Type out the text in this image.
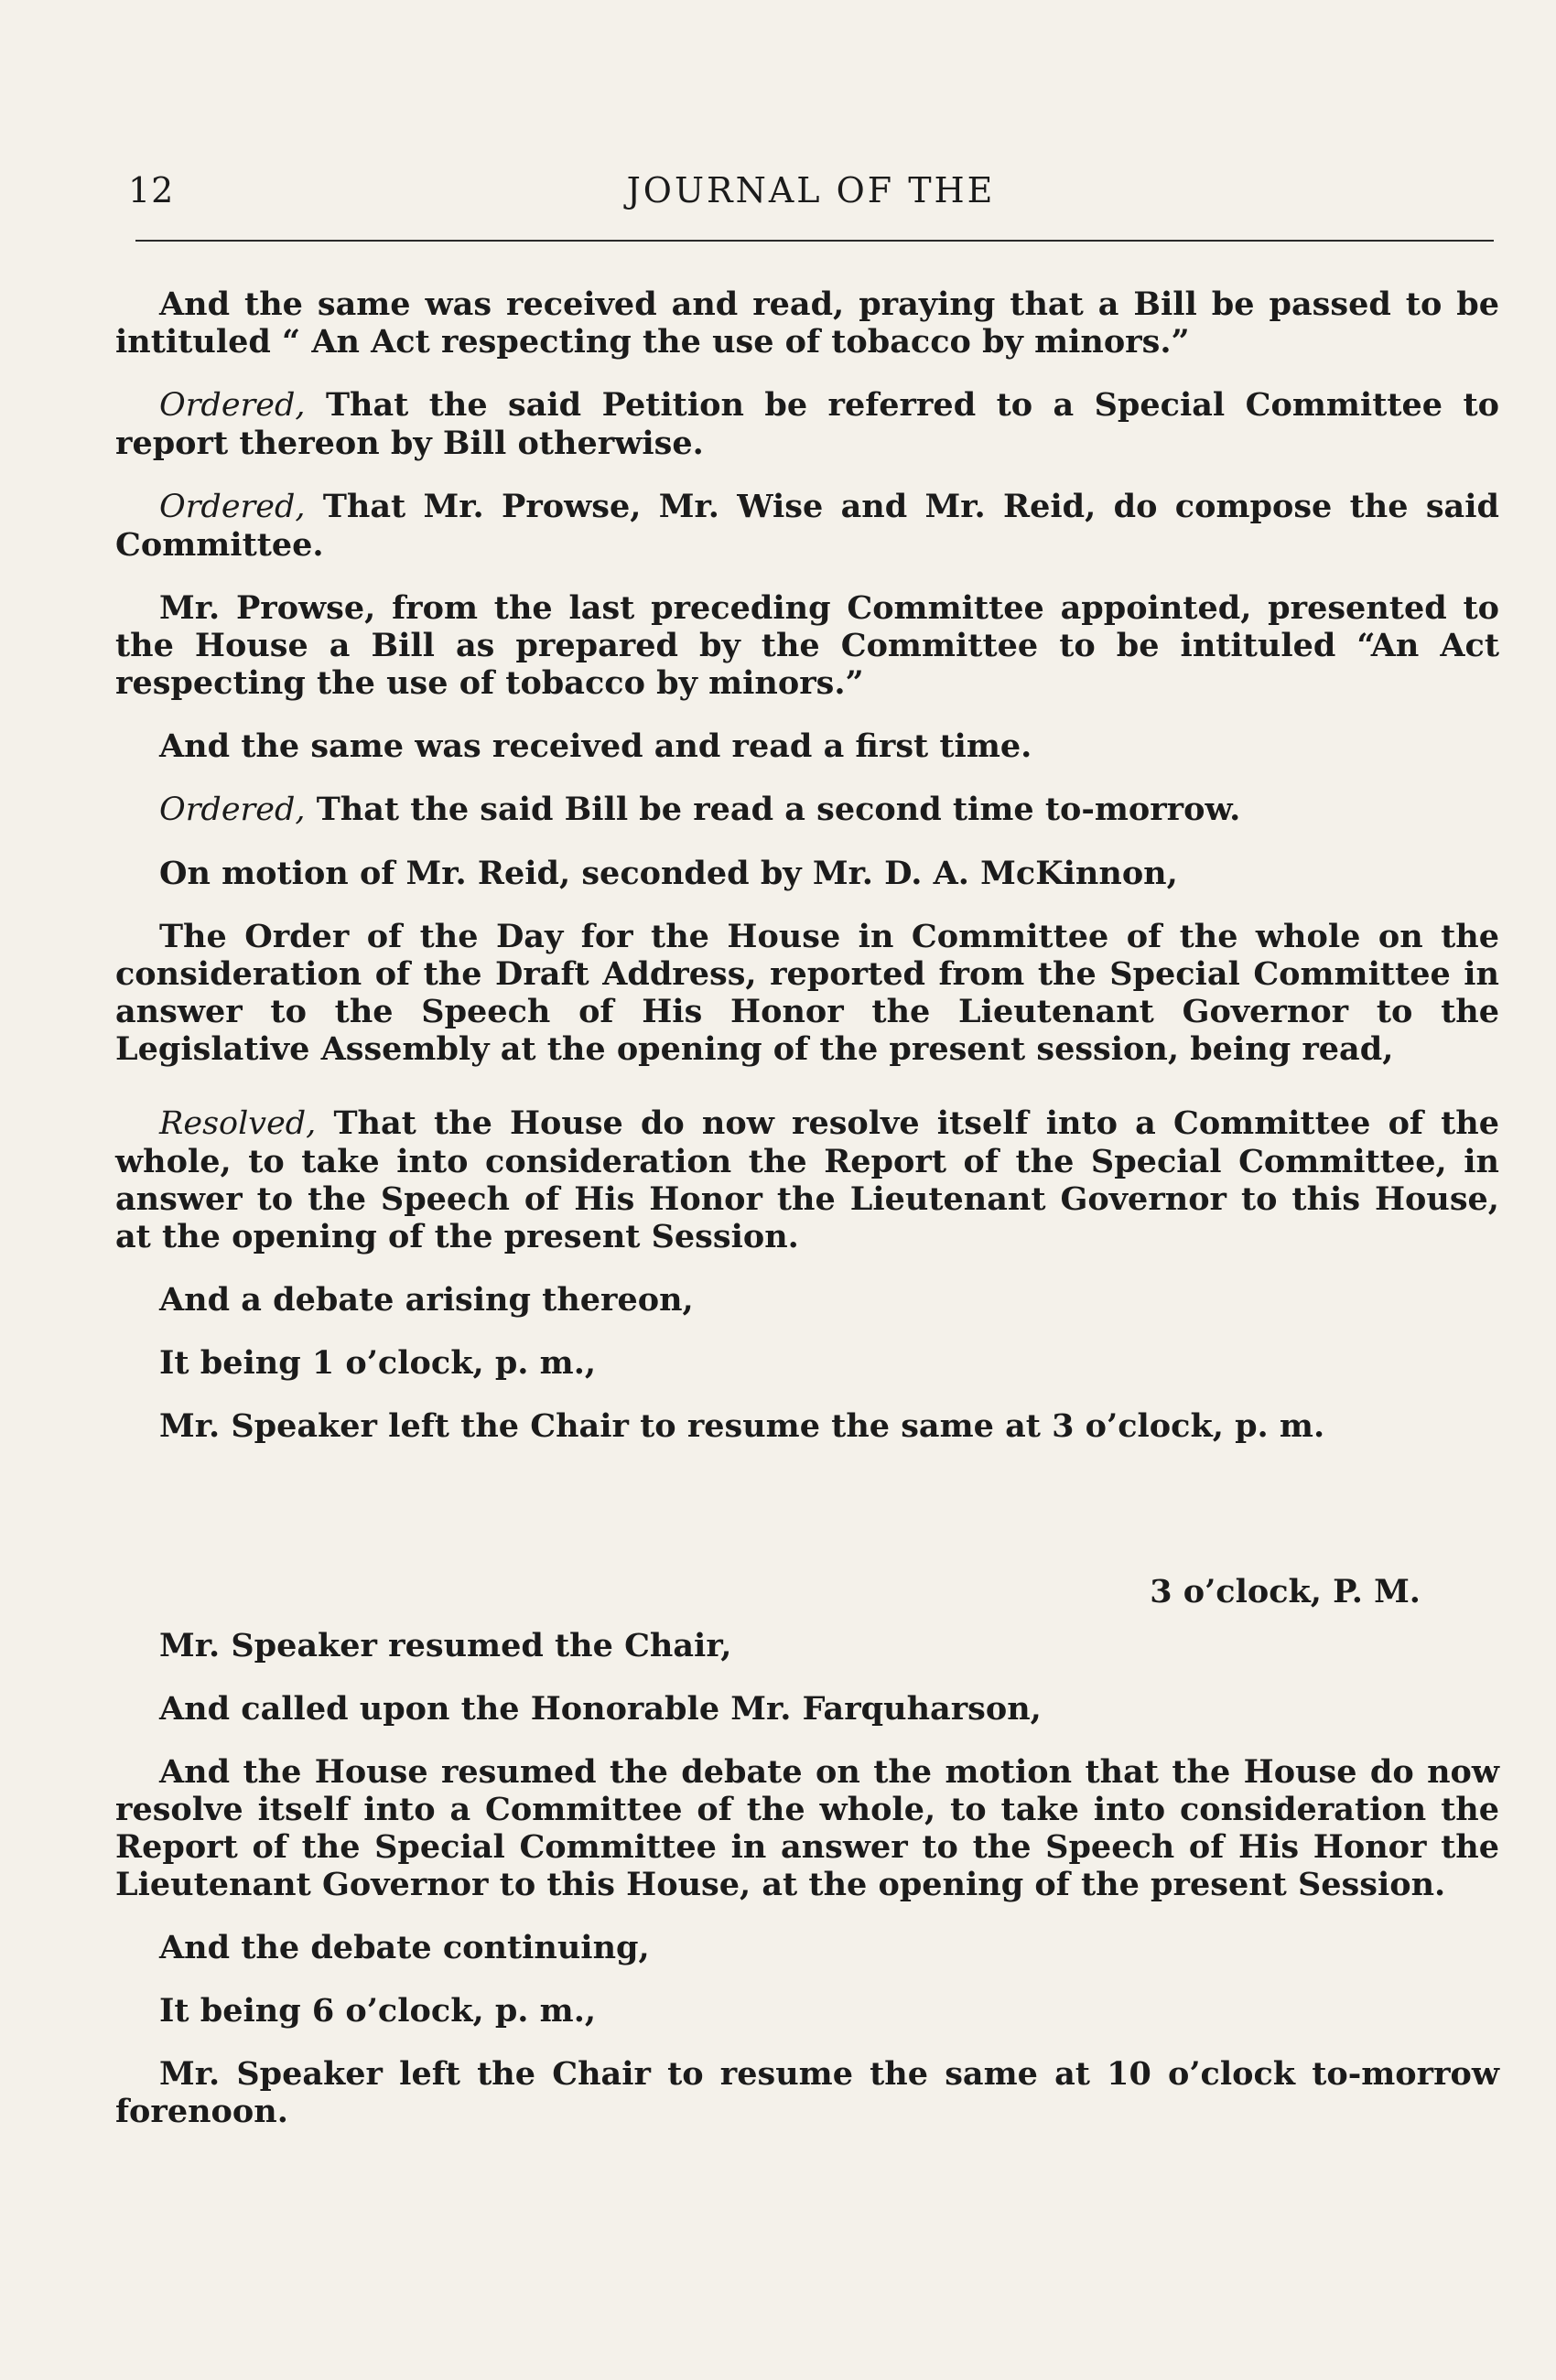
12	JOURNAL OF THE

And the same was received and read, praying that a Bill be passed to be intituled “ An Act respecting the use of tobacco by minors.”

Ordered, That the said Petition be referred to a Special Committee to report thereon by Bill otherwise.

Ordered, That Mr. Prowse, Mr. Wise and Mr. Reid, do compose the said Committee.

Mr. Prowse, from the last preceding Committee appointed, presented to the House a Bill as prepared by the Committee to be intituled “An Act respecting the use of tobacco by minors.”

And the same was received and read a first time.

Ordered, That the said Bill be read a second time to-morrow.

On motion of Mr. Reid, seconded by Mr. D. A. McKinnon,

The Order of the Day for the House in Committee of the whole on the consideration of the Draft Address, reported from the Special Committee in answer to the Speech of His Honor the Lieutenant Governor to the Legislative Assembly at the opening of the present session, being read,

Resolved, That the House do now resolve itself into a Committee of the whole, to take into consideration the Report of the Special Committee, in answer to the Speech of His Honor the Lieutenant Governor to this House, at the opening of the present Session.

And a debate arising thereon,

It being 1 o’clock, p. m.,

Mr. Speaker left the Chair to resume the same at 3 o’clock, p. m.

3 o’clock, P. M.

Mr. Speaker resumed the Chair,

And called upon the Honorable Mr. Farquharson,

And the House resumed the debate on the motion that the House do now resolve itself into a Committee of the whole, to take into consideration the Report of the Special Committee in answer to the Speech of His Honor the Lieutenant Governor to this House, at the opening of the present Session.

And the debate continuing,

It being 6 o’clock, p. m.,

Mr. Speaker left the Chair to resume the same at 10 o’clock to-morrow forenoon.
